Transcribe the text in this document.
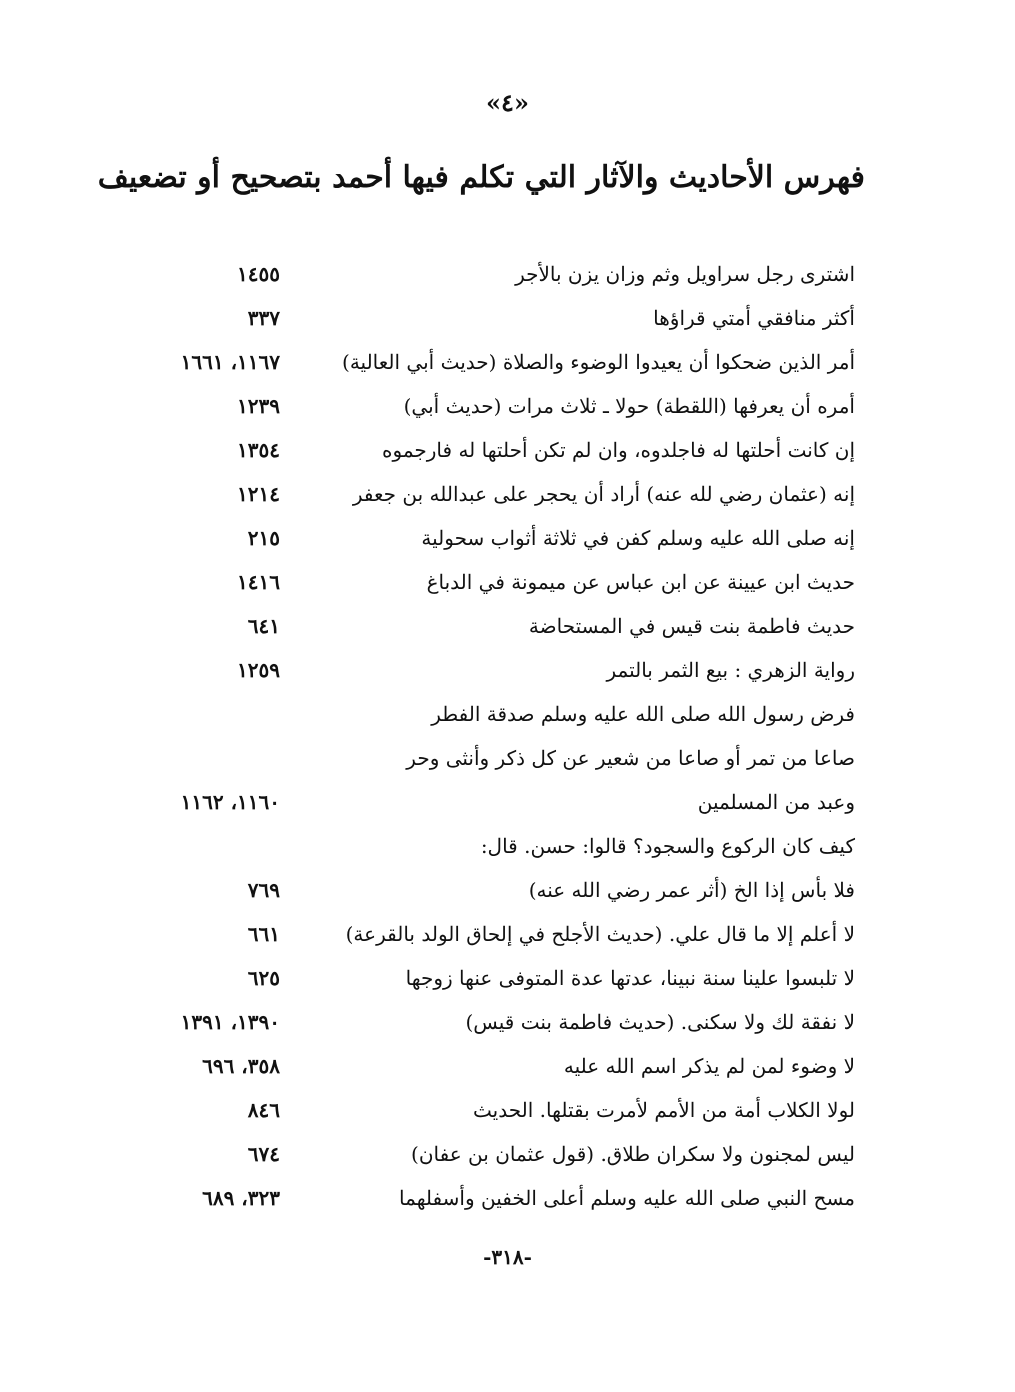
«٤»
فهرس الأحاديث والآثار التي تكلم فيها أحمد بتصحيح أو تضعيف
اشترى رجل سراويل وثم وزان يزن بالأجر
١٤٥٥
أكثر منافقي أمتي قراؤها
٣٣٧
أمر الذين ضحكوا أن يعيدوا الوضوء والصلاة (حديث أبي العالية)
١١٦٧، ١٦٦١
أمره أن يعرفها (اللقطة) حولا ـ ثلاث مرات (حديث أبي)
١٢٣٩
إن كانت أحلتها له فاجلدوه، وان لم تكن أحلتها له فارجموه
١٣٥٤
إنه (عثمان رضي لله عنه) أراد أن يحجر على عبدالله بن جعفر
١٢١٤
إنه صلى الله عليه وسلم كفن في ثلاثة أثواب سحولية
٢١٥
حديث ابن عيينة عن ابن عباس عن ميمونة في الدباغ
١٤١٦
حديث فاطمة بنت قيس في المستحاضة
٦٤١
رواية الزهري : بيع الثمر بالتمر
١٢٥٩
فرض رسول الله صلى الله عليه وسلم صدقة الفطر
صاعا من تمر أو صاعا من شعير عن كل ذكر وأنثى وحر
وعبد من المسلمين
١١٦٠، ١١٦٢
كيف كان الركوع والسجود؟ قالوا: حسن. قال:
فلا بأس إذا الخ (أثر عمر رضي الله عنه)
٧٦٩
لا أعلم إلا ما قال علي. (حديث الأجلح في إلحاق الولد بالقرعة)
٦٦١
لا تلبسوا علينا سنة نبينا، عدتها عدة المتوفى عنها زوجها
٦٢٥
لا نفقة لك ولا سكنى. (حديث فاطمة بنت قيس)
١٣٩٠، ١٣٩١
لا وضوء لمن لم يذكر اسم الله عليه
٣٥٨، ٦٩٦
لولا الكلاب أمة من الأمم لأمرت بقتلها. الحديث
٨٤٦
ليس لمجنون ولا سكران طلاق. (قول عثمان بن عفان)
٦٧٤
مسح النبي صلى الله عليه وسلم أعلى الخفين وأسفلهما
٣٢٣، ٦٨٩
-٣١٨-
